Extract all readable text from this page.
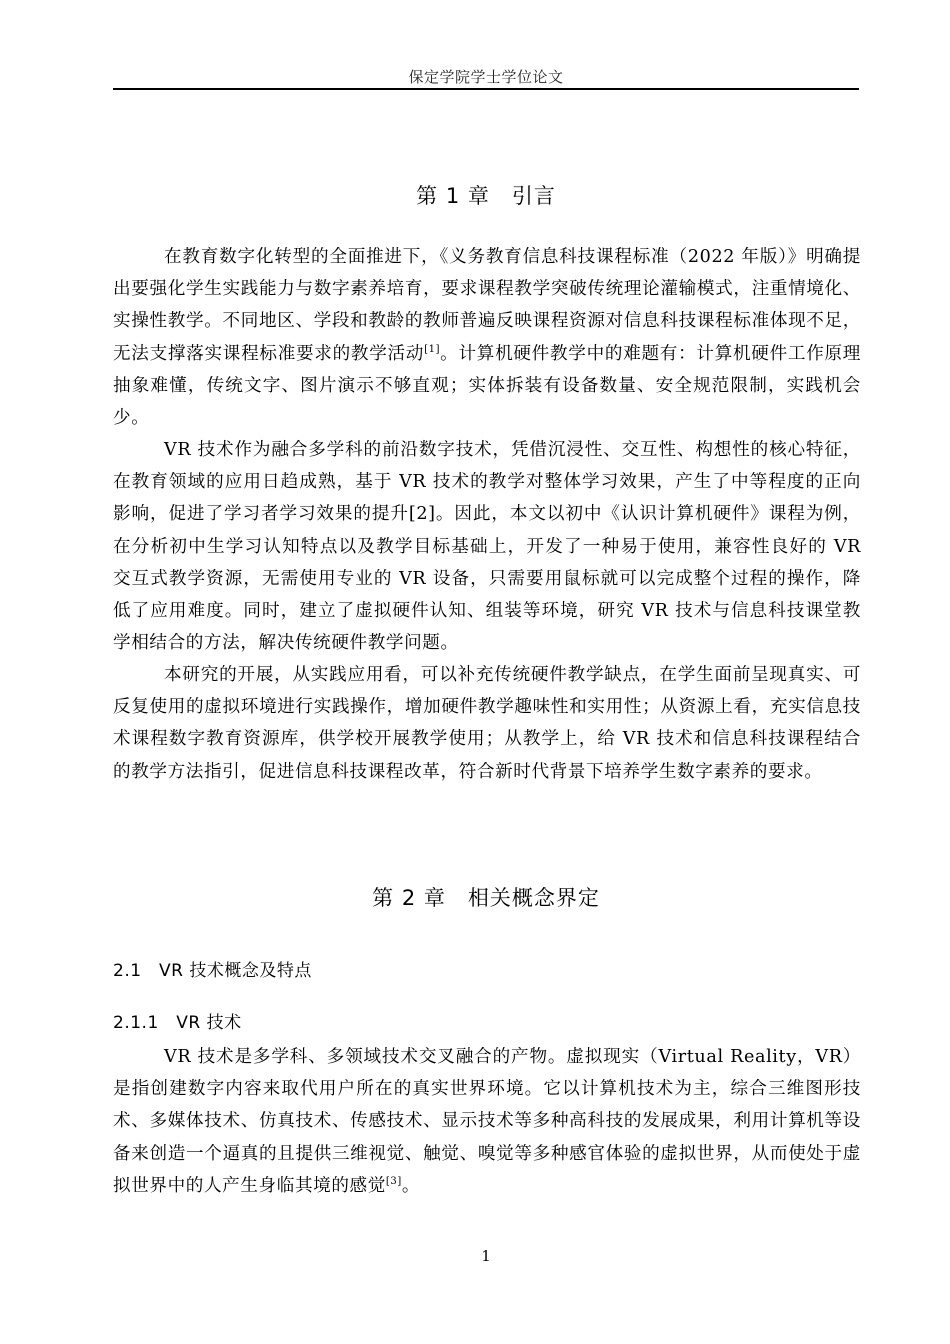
保定学院学士学位论文
第 1 章　引言

在教育数字化转型的全面推进下，《义务教育信息科技课程标准（2022 年版）》明确提出要强化学生实践能力与数字素养培育，要求课程教学突破传统理论灌输模式，注重情境化、实操性教学。不同地区、学段和教龄的教师普遍反映课程资源对信息科技课程标准体现不足，无法支撑落实课程标准要求的教学活动[1]。计算机硬件教学中的难题有：计算机硬件工作原理抽象难懂，传统文字、图片演示不够直观；实体拆装有设备数量、安全规范限制，实践机会少。

VR 技术作为融合多学科的前沿数字技术，凭借沉浸性、交互性、构想性的核心特征，在教育领域的应用日趋成熟，基于 VR 技术的教学对整体学习效果，产生了中等程度的正向影响，促进了学习者学习效果的提升[2]。因此，本文以初中《认识计算机硬件》课程为例，在分析初中生学习认知特点以及教学目标基础上，开发了一种易于使用，兼容性良好的 VR 交互式教学资源，无需使用专业的 VR 设备，只需要用鼠标就可以完成整个过程的操作，降低了应用难度。同时，建立了虚拟硬件认知、组装等环境，研究 VR 技术与信息科技课堂教学相结合的方法，解决传统硬件教学问题。

本研究的开展，从实践应用看，可以补充传统硬件教学缺点，在学生面前呈现真实、可反复使用的虚拟环境进行实践操作，增加硬件教学趣味性和实用性；从资源上看，充实信息技术课程数字教育资源库，供学校开展教学使用；从教学上，给 VR 技术和信息科技课程结合的教学方法指引，促进信息科技课程改革，符合新时代背景下培养学生数字素养的要求。

第 2 章　相关概念界定
2.1　VR 技术概念及特点
2.1.1　VR 技术

VR 技术是多学科、多领域技术交叉融合的产物。虚拟现实（Virtual Reality，VR）是指创建数字内容来取代用户所在的真实世界环境。它以计算机技术为主，综合三维图形技术、多媒体技术、仿真技术、传感技术、显示技术等多种高科技的发展成果，利用计算机等设备来创造一个逼真的且提供三维视觉、触觉、嗅觉等多种感官体验的虚拟世界，从而使处于虚拟世界中的人产生身临其境的感觉[3]。

1
